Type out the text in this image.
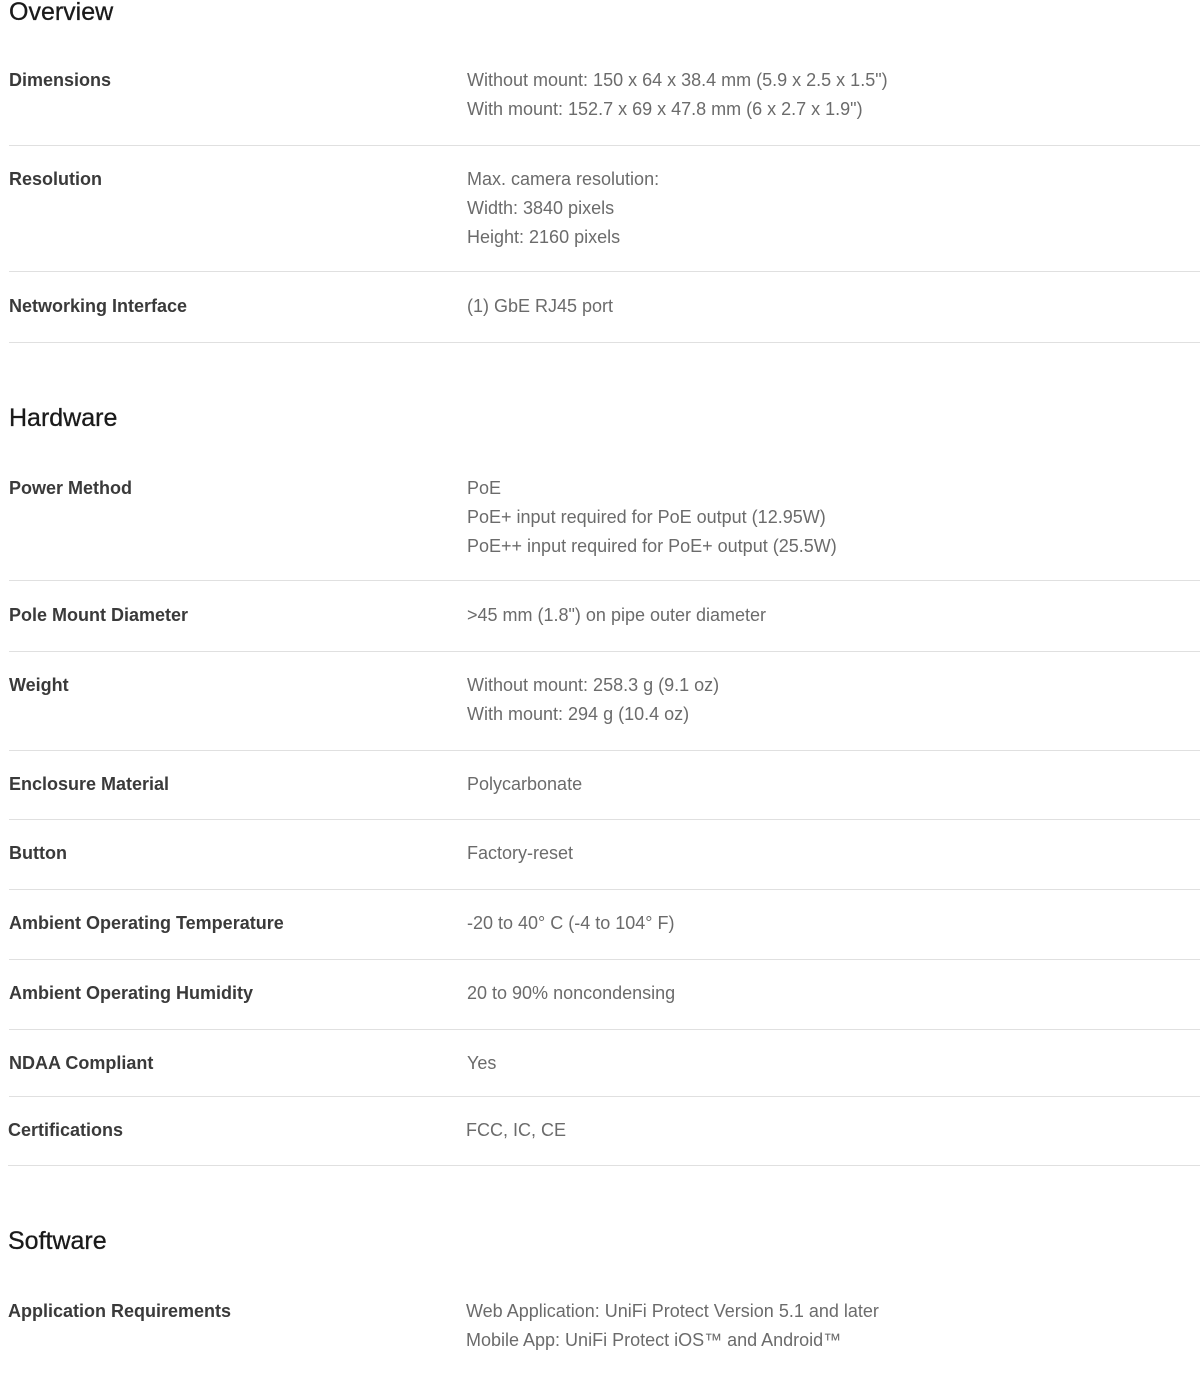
Overview
Dimensions	Without mount: 150 x 64 x 38.4 mm (5.9 x 2.5 x 1.5")
With mount: 152.7 x 69 x 47.8 mm (6 x 2.7 x 1.9")
Resolution	Max. camera resolution:
Width: 3840 pixels
Height: 2160 pixels
Networking Interface	(1) GbE RJ45 port
Hardware
Power Method	PoE
PoE+ input required for PoE output (12.95W)
PoE++ input required for PoE+ output (25.5W)
Pole Mount Diameter	>45 mm (1.8") on pipe outer diameter
Weight	Without mount: 258.3 g (9.1 oz)
With mount: 294 g (10.4 oz)
Enclosure Material	Polycarbonate
Button	Factory-reset
Ambient Operating Temperature	-20 to 40° C (-4 to 104° F)
Ambient Operating Humidity	20 to 90% noncondensing
NDAA Compliant	Yes
Certifications	FCC, IC, CE
Software
Application Requirements	Web Application: UniFi Protect Version 5.1 and later
Mobile App: UniFi Protect iOS™ and Android™
